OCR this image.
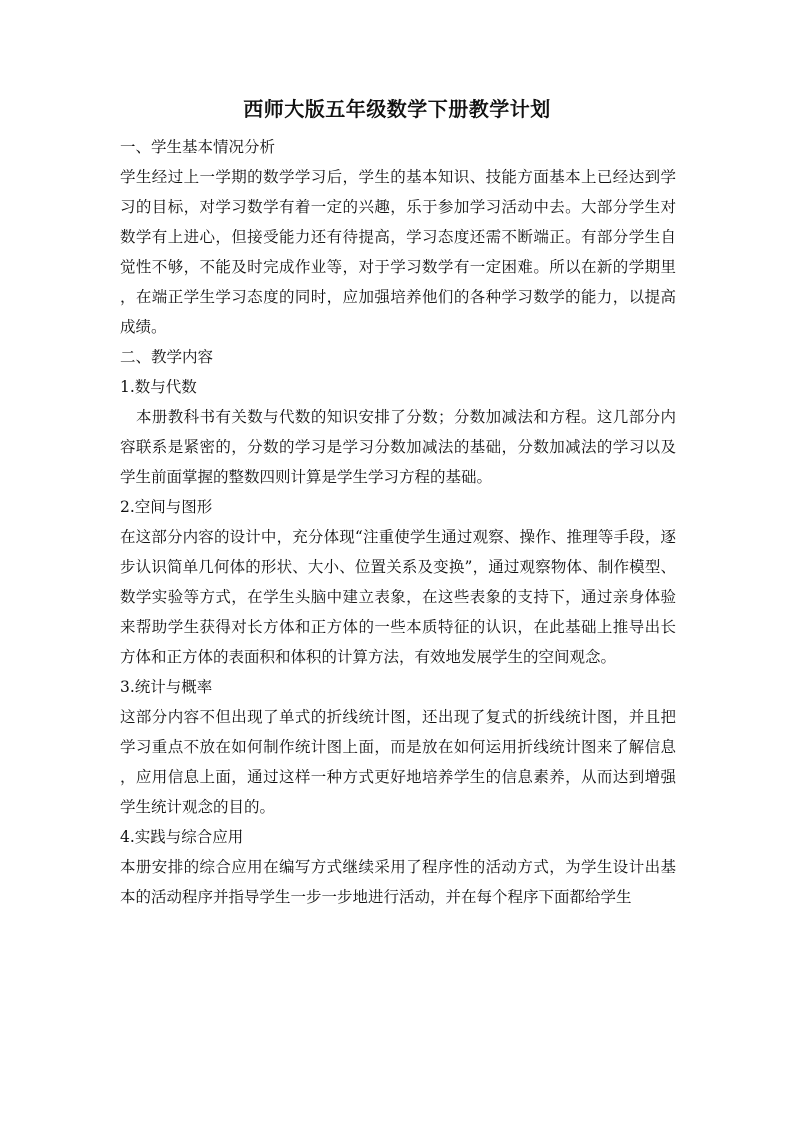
西师大版五年级数学下册教学计划

一、学生基本情况分析

学生经过上一学期的数学学习后，学生的基本知识、技能方面基本上已经达到学习的目标，对学习数学有着一定的兴趣，乐于参加学习活动中去。大部分学生对数学有上进心，但接受能力还有待提高，学习态度还需不断端正。有部分学生自觉性不够，不能及时完成作业等，对于学习数学有一定困难。所以在新的学期里，在端正学生学习态度的同时，应加强培养他们的各种学习数学的能力，以提高成绩。

二、教学内容

1.数与代数

本册教科书有关数与代数的知识安排了分数；分数加减法和方程。这几部分内容联系是紧密的，分数的学习是学习分数加减法的基础，分数加减法的学习以及学生前面掌握的整数四则计算是学生学习方程的基础。

2.空间与图形

在这部分内容的设计中，充分体现“注重使学生通过观察、操作、推理等手段，逐步认识简单几何体的形状、大小、位置关系及变换”，通过观察物体、制作模型、数学实验等方式，在学生头脑中建立表象，在这些表象的支持下，通过亲身体验来帮助学生获得对长方体和正方体的一些本质特征的认识，在此基础上推导出长方体和正方体的表面积和体积的计算方法，有效地发展学生的空间观念。

3.统计与概率

这部分内容不但出现了单式的折线统计图，还出现了复式的折线统计图，并且把学习重点不放在如何制作统计图上面，而是放在如何运用折线统计图来了解信息，应用信息上面，通过这样一种方式更好地培养学生的信息素养，从而达到增强学生统计观念的目的。

4.实践与综合应用

本册安排的综合应用在编写方式继续采用了程序性的活动方式，为学生设计出基本的活动程序并指导学生一步一步地进行活动，并在每个程序下面都给学生
